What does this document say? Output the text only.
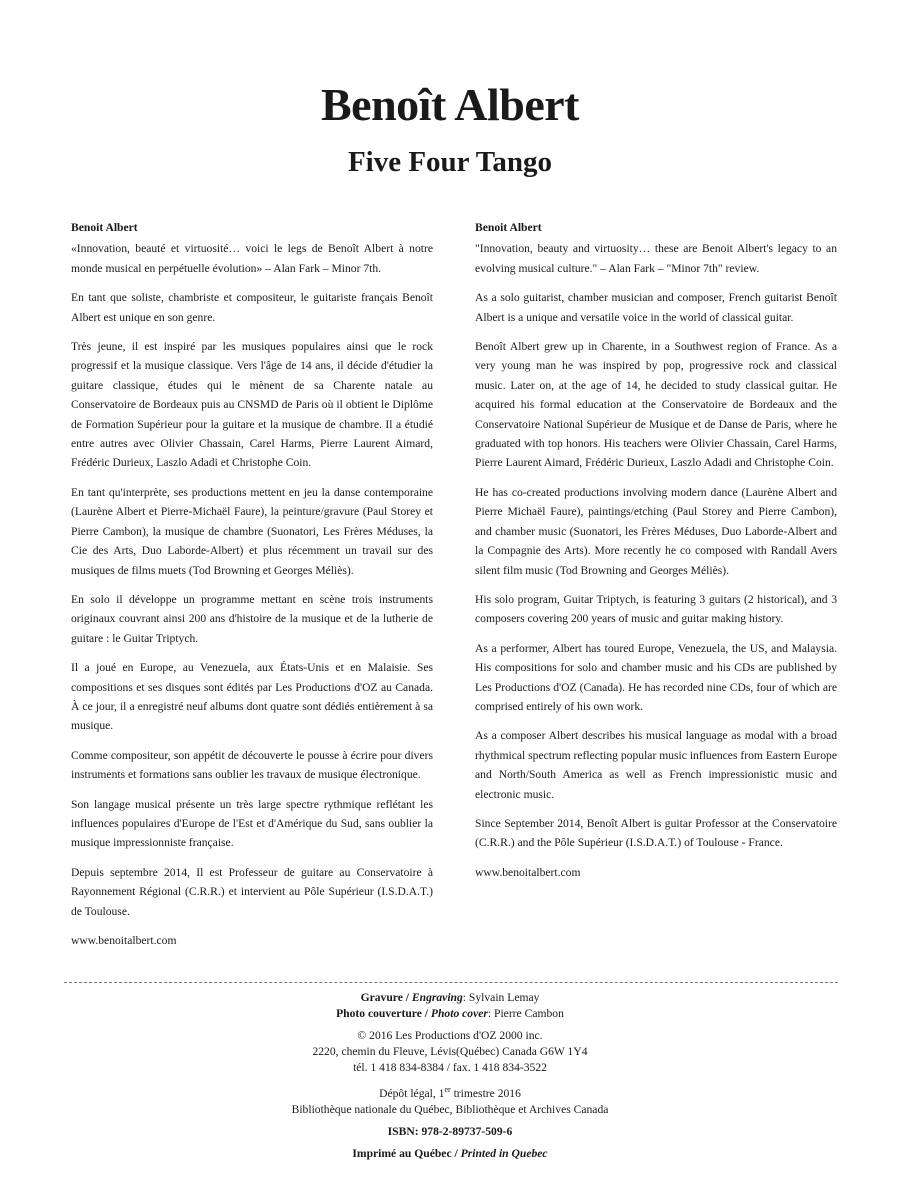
Benoît Albert
Five Four Tango
Benoit Albert

«Innovation, beauté et virtuosité… voici le legs de Benoît Albert à notre monde musical en perpétuelle évolution» – Alan Fark – Minor 7th.

En tant que soliste, chambriste et compositeur, le guitariste français Benoît Albert est unique en son genre.

Très jeune, il est inspiré par les musiques populaires ainsi que le rock progressif et la musique classique. Vers l'âge de 14 ans, il décide d'étudier la guitare classique, études qui le mènent de sa Charente natale au Conservatoire de Bordeaux puis au CNSMD de Paris où il obtient le Diplôme de Formation Supérieur pour la guitare et la musique de chambre. Il a étudié entre autres avec Olivier Chassain, Carel Harms, Pierre Laurent Aimard, Frédéric Durieux, Laszlo Adadi et Christophe Coin.

En tant qu'interprète, ses productions mettent en jeu la danse contemporaine (Laurène Albert et Pierre-Michaël Faure), la peinture/gravure (Paul Storey et Pierre Cambon), la musique de chambre (Suonatori, Les Frères Méduses, la Cie des Arts, Duo Laborde-Albert) et plus récemment un travail sur des musiques de films muets (Tod Browning et Georges Méliès).

En solo il développe un programme mettant en scène trois instruments originaux couvrant ainsi 200 ans d'histoire de la musique et de la lutherie de guitare : le Guitar Triptych.

Il a joué en Europe, au Venezuela, aux États-Unis et en Malaisie. Ses compositions et ses disques sont édités par Les Productions d'OZ au Canada. À ce jour, il a enregistré neuf albums dont quatre sont dédiés entièrement à sa musique.

Comme compositeur, son appétit de découverte le pousse à écrire pour divers instruments et formations sans oublier les travaux de musique électronique.

Son langage musical présente un très large spectre rythmique reflétant les influences populaires d'Europe de l'Est et d'Amérique du Sud, sans oublier la musique impressionniste française.

Depuis septembre 2014, Il est Professeur de guitare au Conservatoire à Rayonnement Régional (C.R.R.) et intervient au Pôle Supérieur (I.S.D.A.T.) de Toulouse.

www.benoitalbert.com

Benoit Albert

"Innovation, beauty and virtuosity… these are Benoit Albert's legacy to an evolving musical culture." – Alan Fark – "Minor 7th" review.

As a solo guitarist, chamber musician and composer, French guitarist Benoît Albert is a unique and versatile voice in the world of classical guitar.

Benoît Albert grew up in Charente, in a Southwest region of France. As a very young man he was inspired by pop, progressive rock and classical music. Later on, at the age of 14, he decided to study classical guitar. He acquired his formal education at the Conservatoire de Bordeaux and the Conservatoire National Supérieur de Musique et de Danse de Paris, where he graduated with top honors. His teachers were Olivier Chassain, Carel Harms, Pierre Laurent Aimard, Frédéric Durieux, Laszlo Adadi and Christophe Coin.

He has co-created productions involving modern dance (Laurène Albert and Pierre Michaël Faure), paintings/etching (Paul Storey and Pierre Cambon), and chamber music (Suonatori, les Frères Méduses, Duo Laborde-Albert and la Compagnie des Arts). More recently he co composed with Randall Avers silent film music (Tod Browning and Georges Méliès).

His solo program, Guitar Triptych, is featuring 3 guitars (2 historical), and 3 composers covering 200 years of music and guitar making history.

As a performer, Albert has toured Europe, Venezuela, the US, and Malaysia. His compositions for solo and chamber music and his CDs are published by Les Productions d'OZ (Canada). He has recorded nine CDs, four of which are comprised entirely of his own work.

As a composer Albert describes his musical language as modal with a broad rhythmical spectrum reflecting popular music influences from Eastern Europe and North/South America as well as French impressionistic music and electronic music.

Since September 2014, Benoît Albert is guitar Professor at the Conservatoire (C.R.R.) and the Pôle Supérieur (I.S.D.A.T.) of Toulouse - France.

www.benoitalbert.com

Gravure / Engraving: Sylvain Lemay
Photo couverture / Photo cover: Pierre Cambon
© 2016 Les Productions d'OZ 2000 inc.
2220, chemin du Fleuve, Lévis(Québec) Canada G6W 1Y4
tél. 1 418 834-8384 / fax. 1 418 834-3522
Dépôt légal, 1er trimestre 2016
Bibliothèque nationale du Québec, Bibliothèque et Archives Canada
ISBN: 978-2-89737-509-6
Imprimé au Québec / Printed in Quebec
